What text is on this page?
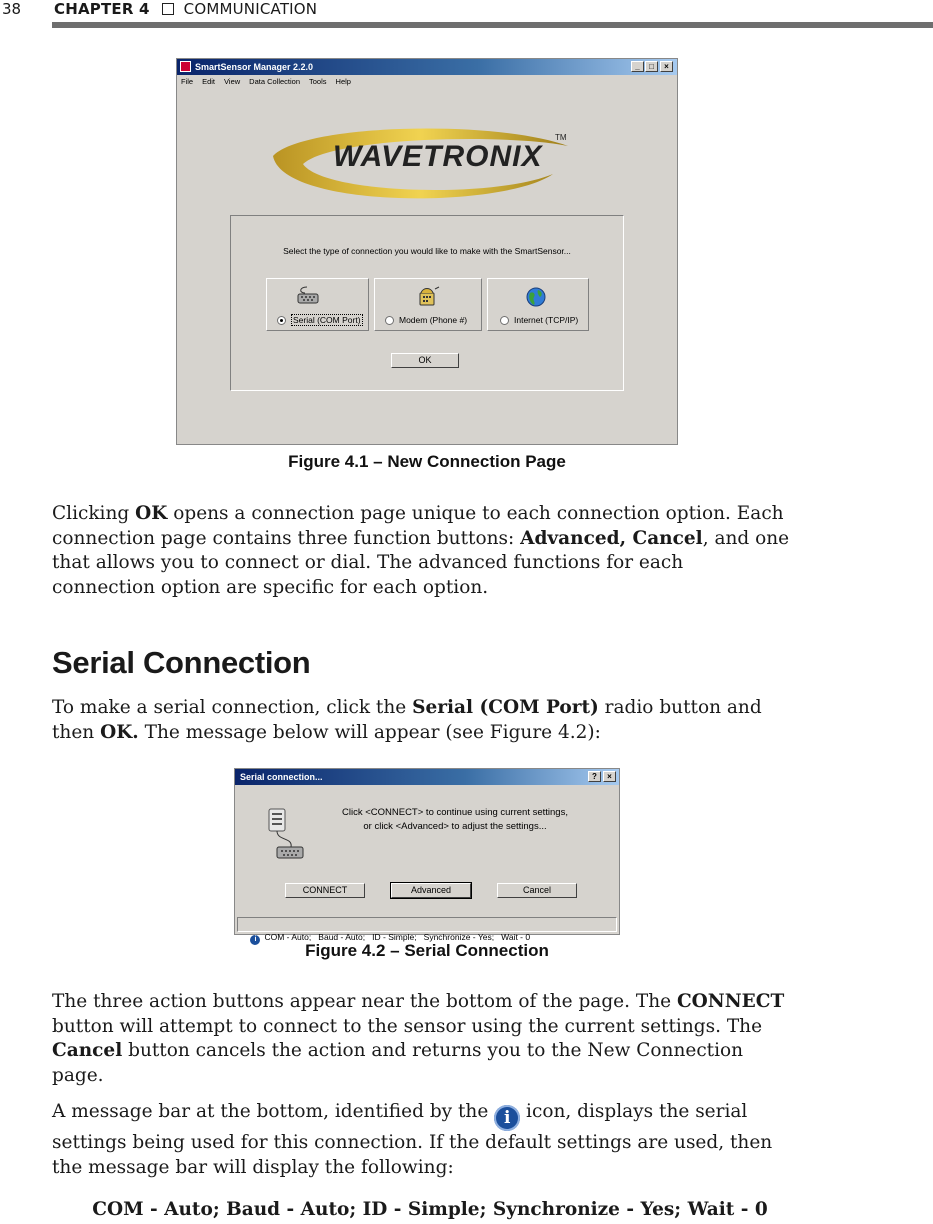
38 CHAPTER 4 COMMUNICATION
SmartSensor Manager 2.2.0	_	□	×
File Edit View Data Collection Tools Help
WAVETRONIX
TM
Select the type of connection you would like to make with the SmartSensor...
Serial (COM Port)	Modem (Phone #)	Internet (TCP/IP)
OK
Figure 4.1 – New Connection Page
Clicking OK opens a connection page unique to each connection option. Each connection page contains three function buttons: Advanced, Cancel, and one that allows you to connect or dial. The advanced functions for each connection option are specific for each option.
Serial Connection
To make a serial connection, click the Serial (COM Port) radio button and then OK. The message below will appear (see Figure 4.2):
Serial connection...	?	×
Click <CONNECT> to continue using current settings,
or click <Advanced> to adjust the settings...
CONNECT	Advanced	Cancel

i COM - Auto;   Baud - Auto;   ID - Simple;   Synchronize - Yes;   Wait - 0

Figure 4.2 – Serial Connection
The three action buttons appear near the bottom of the page. The CONNECT button will attempt to connect to the sensor using the current settings. The Cancel button cancels the action and returns you to the New Connection page.
A message bar at the bottom, identified by the i icon, displays the serial settings being used for this connection. If the default settings are used, then the message bar will display the following:
COM - Auto; Baud - Auto; ID - Simple; Synchronize - Yes; Wait - 0
